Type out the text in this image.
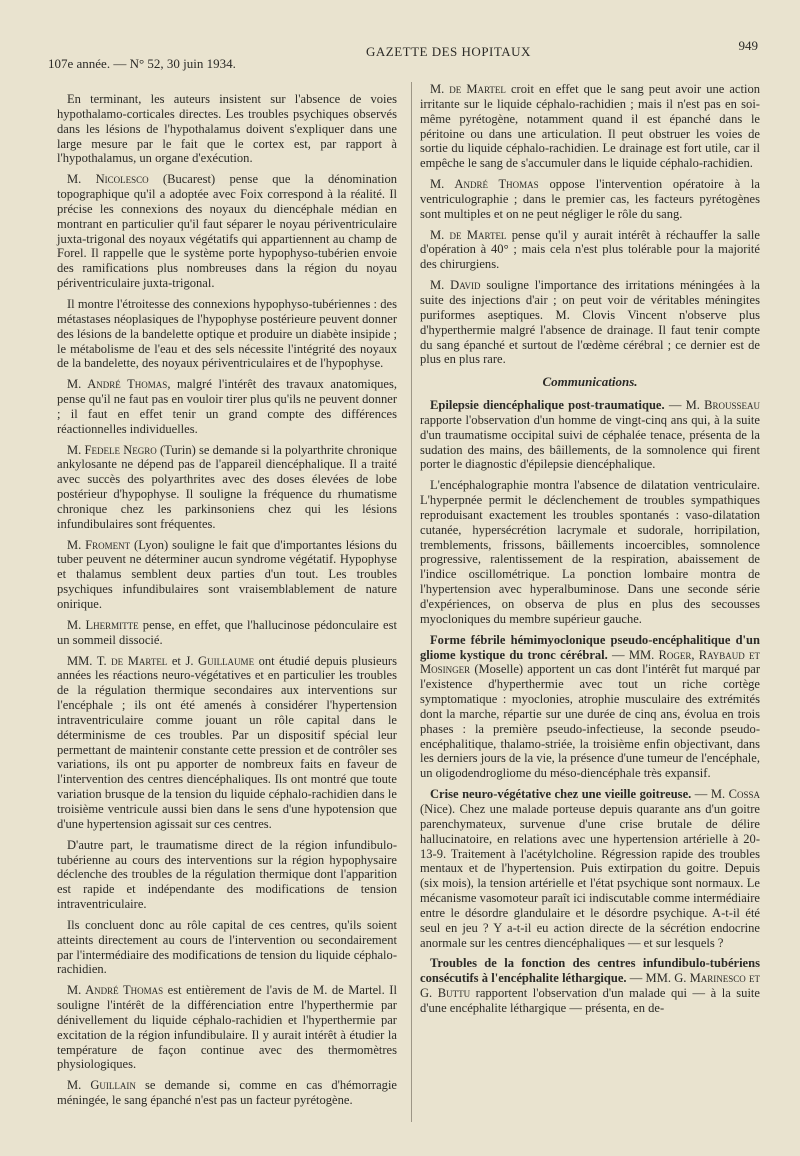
107e année. — N° 52, 30 juin 1934.
GAZETTE DES HOPITAUX	949

En terminant, les auteurs insistent sur l'absence de voies hypothalamo-corticales directes. Les troubles psychiques observés dans les lésions de l'hypothalamus doivent s'expliquer dans une large mesure par le fait que le cortex est, par rapport à l'hypothalamus, un organe d'exécution.

M. Nicolesco (Bucarest) pense que la dénomination topographique qu'il a adoptée avec Foix correspond à la réalité. Il précise les connexions des noyaux du diencéphale médian en montrant en particulier qu'il faut séparer le noyau périventriculaire juxta-trigonal des noyaux végétatifs qui appartiennent au champ de Forel. Il rappelle que le système porte hypophyso-tubérien envoie des ramifications plus nombreuses dans la région du noyau périventriculaire juxta-trigonal.

Il montre l'étroitesse des connexions hypophyso-tubériennes : des métastases néoplasiques de l'hypophyse postérieure peuvent donner des lésions de la bandelette optique et produire un diabète insipide ; le métabolisme de l'eau et des sels nécessite l'intégrité des noyaux de la bandelette, des noyaux périventriculaires et de l'hypophyse.

M. André Thomas, malgré l'intérêt des travaux anatomiques, pense qu'il ne faut pas en vouloir tirer plus qu'ils ne peuvent donner ; il faut en effet tenir un grand compte des différences réactionnelles individuelles.

M. Fedele Negro (Turin) se demande si la polyarthrite chronique ankylosante ne dépend pas de l'appareil diencéphalique. Il a traité avec succès des polyarthrites avec des doses élevées de lobe postérieur d'hypophyse. Il souligne la fréquence du rhumatisme chronique chez les parkinsoniens chez qui les lésions infundibulaires sont fréquentes.

M. Froment (Lyon) souligne le fait que d'importantes lésions du tuber peuvent ne déterminer aucun syndrome végétatif. Hypophyse et thalamus semblent deux parties d'un tout. Les troubles psychiques infundibulaires sont vraisemblablement de nature onirique.

M. Lhermitte pense, en effet, que l'hallucinose pédonculaire est un sommeil dissocié.

MM. T. de Martel et J. Guillaume ont étudié depuis plusieurs années les réactions neuro-végétatives et en particulier les troubles de la régulation thermique secondaires aux interventions sur l'encéphale ; ils ont été amenés à considérer l'hypertension intraventriculaire comme jouant un rôle capital dans le déterminisme de ces troubles. Par un dispositif spécial leur permettant de maintenir constante cette pression et de contrôler ses variations, ils ont pu apporter de nombreux faits en faveur de l'intervention des centres diencéphaliques. Ils ont montré que toute variation brusque de la tension du liquide céphalo-rachidien dans le troisième ventricule aussi bien dans le sens d'une hypotension que d'une hypertension agissait sur ces centres.

D'autre part, le traumatisme direct de la région infundibulo-tubérienne au cours des interventions sur la région hypophysaire déclenche des troubles de la régulation thermique dont l'apparition est rapide et indépendante des modifications de tension intraventriculaire.

Ils concluent donc au rôle capital de ces centres, qu'ils soient atteints directement au cours de l'intervention ou secondairement par l'intermédiaire des modifications de tension du liquide céphalo-rachidien.

M. André Thomas est entièrement de l'avis de M. de Martel. Il souligne l'intérêt de la différenciation entre l'hyperthermie par dénivellement du liquide céphalo-rachidien et l'hyperthermie par excitation de la région infundibulaire. Il y aurait intérêt à étudier la température de façon continue avec des thermomètres physiologiques.

M. Guillain se demande si, comme en cas d'hémorragie méningée, le sang épanché n'est pas un facteur pyrétogène.

M. de Martel croit en effet que le sang peut avoir une action irritante sur le liquide céphalo-rachidien ; mais il n'est pas en soi-même pyrétogène, notamment quand il est épanché dans le péritoine ou dans une articulation. Il peut obstruer les voies de sortie du liquide céphalo-rachidien. Le drainage est fort utile, car il empêche le sang de s'accumuler dans le liquide céphalo-rachidien.

M. André Thomas oppose l'intervention opératoire à la ventriculographie ; dans le premier cas, les facteurs pyrétogènes sont multiples et on ne peut négliger le rôle du sang.

M. de Martel pense qu'il y aurait intérêt à réchauffer la salle d'opération à 40° ; mais cela n'est plus tolérable pour la majorité des chirurgiens.

M. David souligne l'importance des irritations méningées à la suite des injections d'air ; on peut voir de véritables méningites puriformes aseptiques. M. Clovis Vincent n'observe plus d'hyperthermie malgré l'absence de drainage. Il faut tenir compte du sang épanché et surtout de l'œdème cérébral ; ce dernier est de plus en plus rare.

Communications.

Epilepsie diencéphalique post-traumatique. — M. Brousseau rapporte l'observation d'un homme de vingt-cinq ans qui, à la suite d'un traumatisme occipital suivi de céphalée tenace, présenta de la sudation des mains, des bâillements, de la somnolence qui firent porter le diagnostic d'épilepsie diencéphalique.

L'encéphalographie montra l'absence de dilatation ventriculaire. L'hyperpnée permit le déclenchement de troubles sympathiques reproduisant exactement les troubles spontanés : vaso-dilatation cutanée, hypersécrétion lacrymale et sudorale, horripilation, tremblements, frissons, bâillements incoercibles, somnolence progressive, ralentissement de la respiration, abaissement de l'indice oscillométrique. La ponction lombaire montra de l'hypertension avec hyperalbuminose. Dans une seconde série d'expériences, on observa de plus en plus des secousses myocloniques du membre supérieur gauche.

Forme fébrile hémimyoclonique pseudo-encéphalitique d'un gliome kystique du tronc cérébral. — MM. Roger, Raybaud et Mosinger (Moselle) apportent un cas dont l'intérêt fut marqué par l'existence d'hyperthermie avec tout un riche cortège symptomatique : myoclonies, atrophie musculaire des extrémités dont la marche, répartie sur une durée de cinq ans, évolua en trois phases : la première pseudo-infectieuse, la seconde pseudo-encéphalitique, thalamo-striée, la troisième enfin objectivant, dans les derniers jours de la vie, la présence d'une tumeur de l'encéphale, un oligodendrogliome du méso-diencéphale très expansif.

Crise neuro-végétative chez une vieille goitreuse. — M. Cossa (Nice). Chez une malade porteuse depuis quarante ans d'un goitre parenchymateux, survenue d'une crise brutale de délire hallucinatoire, en relations avec une hypertension artérielle à 20-13-9. Traitement à l'acétylcholine. Régression rapide des troubles mentaux et de l'hypertension. Puis extirpation du goitre. Depuis (six mois), la tension artérielle et l'état psychique sont normaux. Le mécanisme vasomoteur paraît ici indiscutable comme intermédiaire entre le désordre glandulaire et le désordre psychique. A-t-il été seul en jeu ? Y a-t-il eu action directe de la sécrétion endocrine anormale sur les centres diencéphaliques — et sur lesquels ?

Troubles de la fonction des centres infundibulo-tubériens consécutifs à l'encéphalite léthargique. — MM. G. Marinesco et G. Buttu rapportent l'observation d'un malade qui — à la suite d'une encéphalite léthargique — présenta, en de-
